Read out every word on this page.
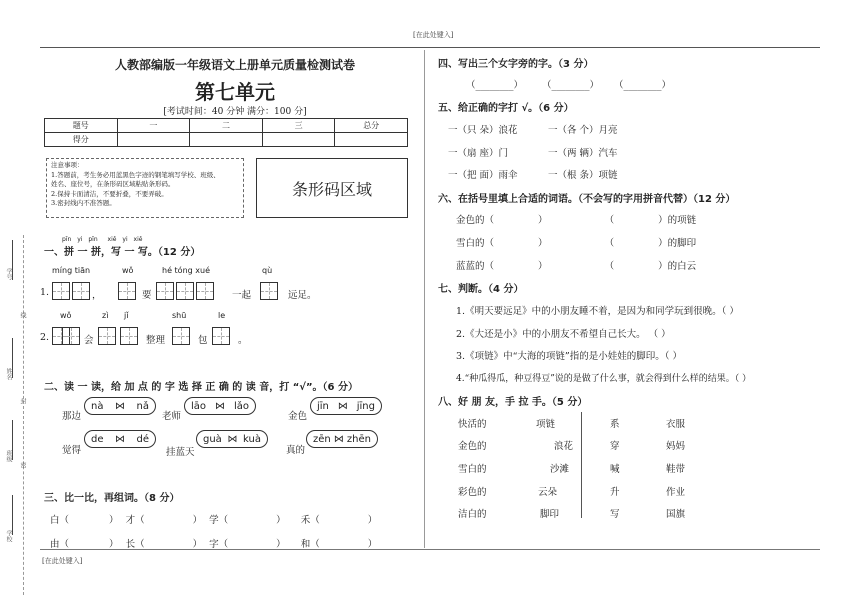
[在此处键入]
[在此处键入]
学号
线
姓名
封
班级
密
学校
人教部编版一年级语文上册单元质量检测试卷
第七单元
[考试时间：40 分钟 满分：100 分]
题号	一	二	三	总分
得分				
注意事项：
1.答题前，考生务必用蓝黑色字迹的钢笔填写学校、班级、
姓名、座位号，在条形码区域粘贴条形码。
2.保持卡面清洁，不要折叠，不要弄破。
3.密封线内不准答题。
条形码区域
pīn yi pīn xiě yi xiě
一、拼 一 拼，写 一 写。（12 分）
míng tiān	wǒ	hé tóng xué	qù
1.	，	要	一起	远足。
wǒ	zì jǐ	shū	le
2.	会	整理	包	。
二、读 一 读，给 加 点 的 字 选 择 正 确 的 读 音，打 “√”。（6 分）
那边
nà ⋈ nǎ
老师
lāo ⋈ lǎo
金色
jīn ⋈ jīng
觉得
de ⋈ dé
挂蓝天
guà ⋈ kuà
真的
zēn ⋈ zhēn
三、比一比，再组词。（8 分）
白（	） 才（	） 学（	） 禾（	）
由（	） 长（	） 字（	） 和（	）
四、写出三个女字旁的字。（3 分）
（________） （________） （________）
五、给正确的字打 √。（6 分）
一（只 朵）浪花	一（各 个）月亮
一（扇 座）门	一（两 辆）汽车
一（把 面）雨伞	一（根 条）项链
六、在括号里填上合适的词语。（不会写的字用拼音代替）（12 分）
金色的（	）	（	）的项链
雪白的（	）	（	）的脚印
蓝蓝的（	）	（	）的白云
七、判断。（4 分）
1.《明天要远足》中的小朋友睡不着，是因为和同学玩到很晚。（ ）
2.《大还是小》中的小朋友不希望自己长大。 （ ）
3.《项链》中“大海的项链”指的是小娃娃的脚印。（ ）
4.“种瓜得瓜，种豆得豆”说的是做了什么事，就会得到什么样的结果。（ ）
八、好 朋 友，手 拉 手。（5 分）
快活的	项链	系	衣服
金色的	浪花	穿	妈妈
雪白的	沙滩	喊	鞋带
彩色的	云朵	升	作业
洁白的	脚印	写	国旗
